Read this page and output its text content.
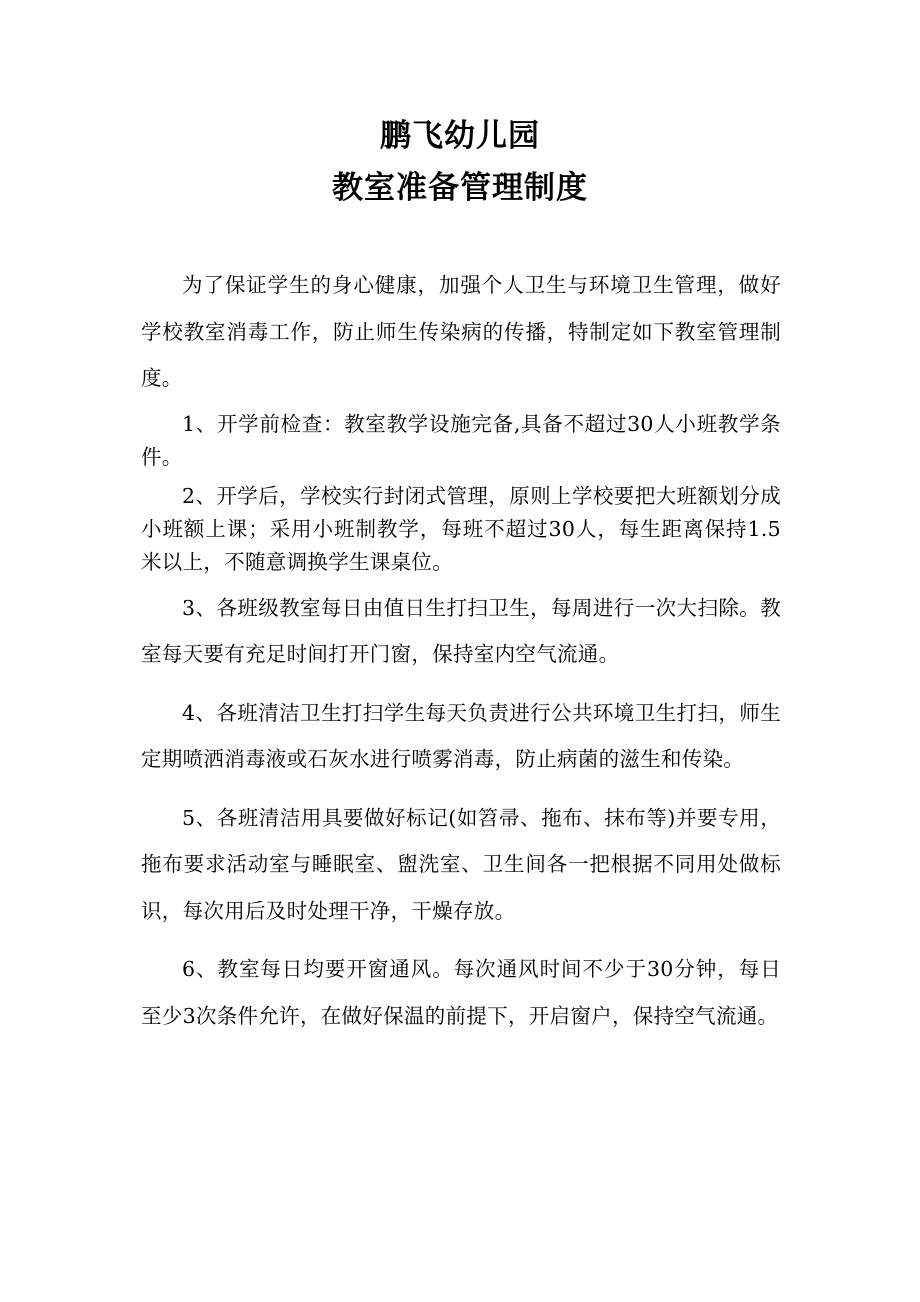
鹏飞幼儿园
教室准备管理制度

为了保证学生的身心健康，加强个人卫生与环境卫生管理，做好学校教室消毒工作，防止师生传染病的传播，特制定如下教室管理制度。

1、开学前检查：教室教学设施完备,具备不超过30人小班教学条件。

2、开学后，学校实行封闭式管理，原则上学校要把大班额划分成小班额上课；采用小班制教学，每班不超过30人，每生距离保持1.5米以上，不随意调换学生课桌位。

3、各班级教室每日由值日生打扫卫生，每周进行一次大扫除。教室每天要有充足时间打开门窗，保持室内空气流通。

4、各班清洁卫生打扫学生每天负责进行公共环境卫生打扫，师生定期喷洒消毒液或石灰水进行喷雾消毒，防止病菌的滋生和传染。

5、各班清洁用具要做好标记(如笤帚、拖布、抹布等)并要专用，拖布要求活动室与睡眠室、盥洗室、卫生间各一把根据不同用处做标识，每次用后及时处理干净，干燥存放。

6、教室每日均要开窗通风。每次通风时间不少于30分钟，每日至少3次条件允许，在做好保温的前提下，开启窗户，保持空气流通。
